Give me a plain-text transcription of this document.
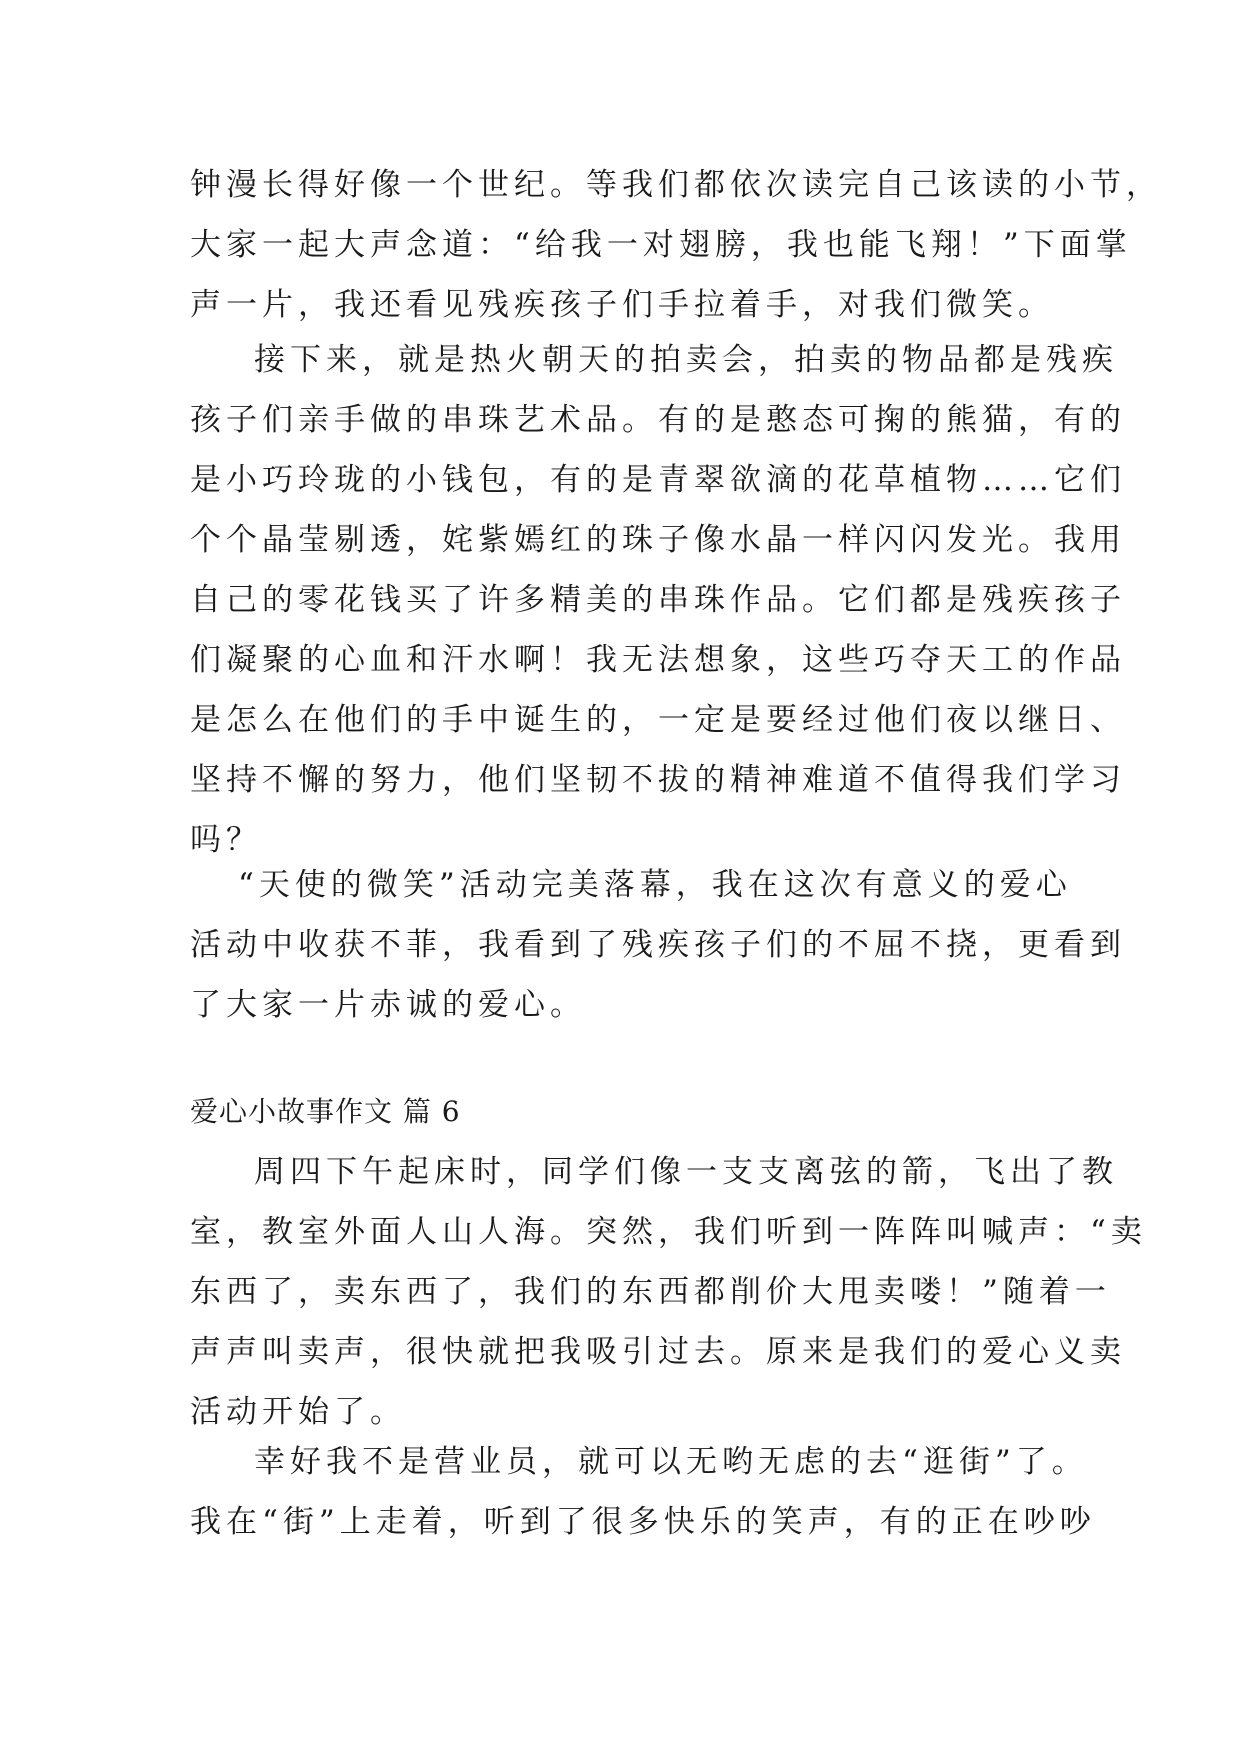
钟漫长得好像一个世纪。等我们都依次读完自己该读的小节，
大家一起大声念道：“给我一对翅膀，我也能飞翔！”下面掌
声一片，我还看见残疾孩子们手拉着手，对我们微笑。
接下来，就是热火朝天的拍卖会，拍卖的物品都是残疾
孩子们亲手做的串珠艺术品。有的是憨态可掬的熊猫，有的
是小巧玲珑的小钱包，有的是青翠欲滴的花草植物……它们
个个晶莹剔透，姹紫嫣红的珠子像水晶一样闪闪发光。我用
自己的零花钱买了许多精美的串珠作品。它们都是残疾孩子
们凝聚的心血和汗水啊！我无法想象，这些巧夺天工的作品
是怎么在他们的手中诞生的，一定是要经过他们夜以继日、
坚持不懈的努力，他们坚韧不拔的精神难道不值得我们学习
吗？
“天使的微笑”活动完美落幕，我在这次有意义的爱心
活动中收获不菲，我看到了残疾孩子们的不屈不挠，更看到
了大家一片赤诚的爱心。
爱心小故事作文 篇 6
周四下午起床时，同学们像一支支离弦的箭，飞出了教
室，教室外面人山人海。突然，我们听到一阵阵叫喊声：“卖
东西了，卖东西了，我们的东西都削价大甩卖喽！”随着一
声声叫卖声，很快就把我吸引过去。原来是我们的爱心义卖
活动开始了。
幸好我不是营业员，就可以无哟无虑的去“逛街”了。
我在“街”上走着，听到了很多快乐的笑声，有的正在吵吵
